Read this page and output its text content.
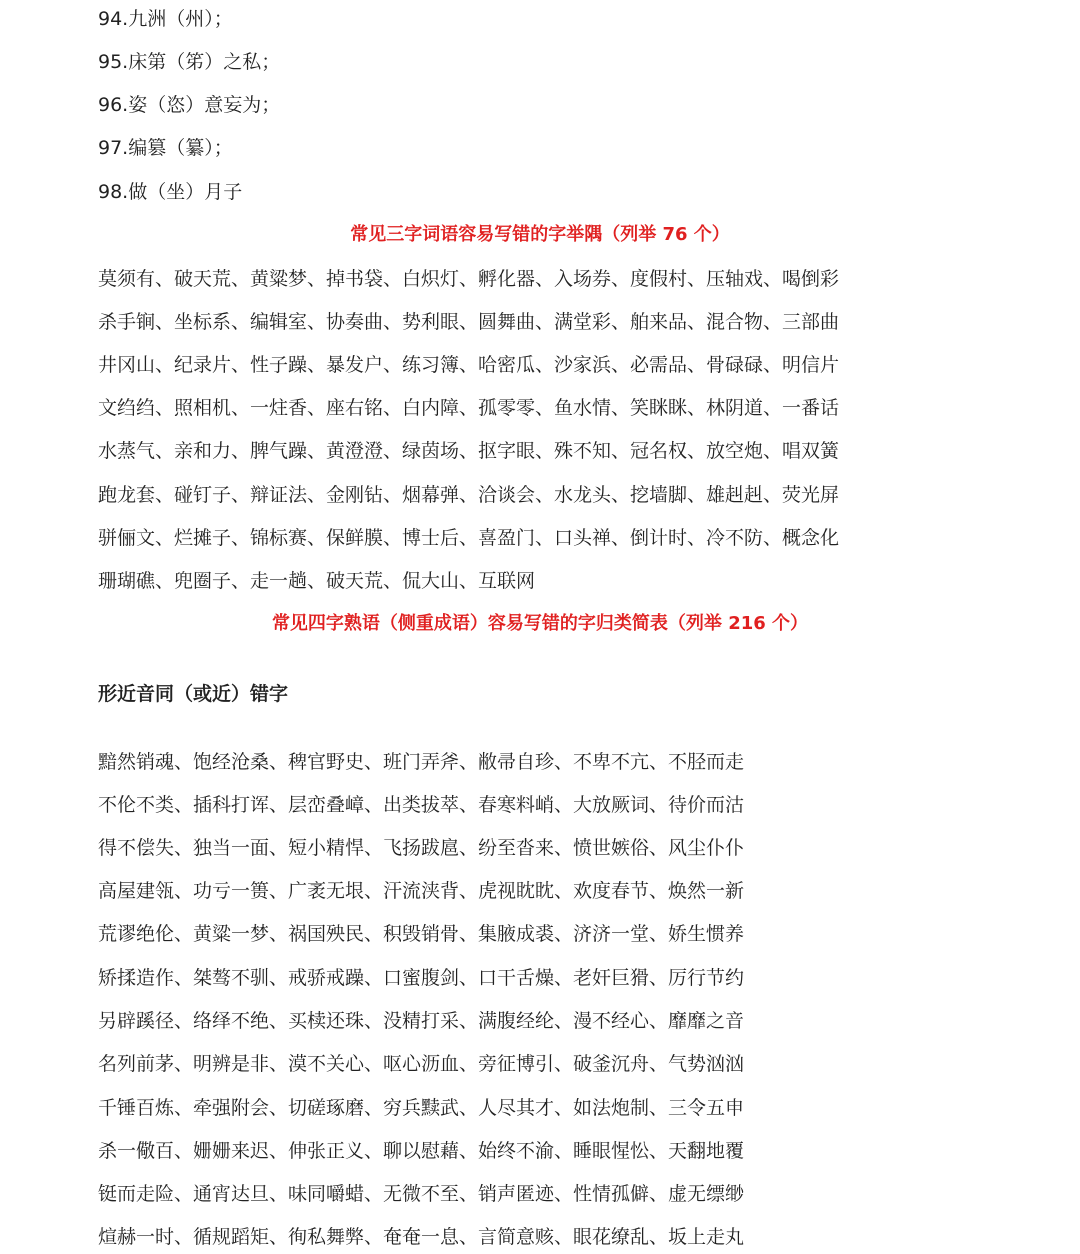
94.九洲（州）；
95.床第（笫）之私；
96.姿（恣）意妄为；
97.编篡（纂）；
98.做（坐）月子
常见三字词语容易写错的字举隅（列举 76 个）
莫须有、破天荒、黄粱梦、掉书袋、白炽灯、孵化器、入场券、度假村、压轴戏、喝倒彩
杀手锏、坐标系、编辑室、协奏曲、势利眼、圆舞曲、满堂彩、舶来品、混合物、三部曲
井冈山、纪录片、性子躁、暴发户、练习簿、哈密瓜、沙家浜、必需品、骨碌碌、明信片
文绉绉、照相机、一炷香、座右铭、白内障、孤零零、鱼水情、笑眯眯、林阴道、一番话
水蒸气、亲和力、脾气躁、黄澄澄、绿茵场、抠字眼、殊不知、冠名权、放空炮、唱双簧
跑龙套、碰钉子、辩证法、金刚钻、烟幕弹、洽谈会、水龙头、挖墙脚、雄赳赳、荧光屏
骈俪文、烂摊子、锦标赛、保鲜膜、博士后、喜盈门、口头禅、倒计时、冷不防、概念化
珊瑚礁、兜圈子、走一趟、破天荒、侃大山、互联网
常见四字熟语（侧重成语）容易写错的字归类简表（列举 216 个）
形近音同（或近）错字
黯然销魂、饱经沧桑、稗官野史、班门弄斧、敝帚自珍、不卑不亢、不胫而走
不伦不类、插科打诨、层峦叠嶂、出类拔萃、春寒料峭、大放厥词、待价而沽
得不偿失、独当一面、短小精悍、飞扬跋扈、纷至沓来、愤世嫉俗、风尘仆仆
高屋建瓴、功亏一篑、广袤无垠、汗流浃背、虎视眈眈、欢度春节、焕然一新
荒谬绝伦、黄粱一梦、祸国殃民、积毁销骨、集腋成裘、济济一堂、娇生惯养
矫揉造作、桀骜不驯、戒骄戒躁、口蜜腹剑、口干舌燥、老奸巨猾、厉行节约
另辟蹊径、络绎不绝、买椟还珠、没精打采、满腹经纶、漫不经心、靡靡之音
名列前茅、明辨是非、漠不关心、呕心沥血、旁征博引、破釜沉舟、气势汹汹
千锤百炼、牵强附会、切磋琢磨、穷兵黩武、人尽其才、如法炮制、三令五申
杀一儆百、姗姗来迟、伸张正义、聊以慰藉、始终不渝、睡眼惺忪、天翻地覆
铤而走险、通宵达旦、味同嚼蜡、无微不至、销声匿迹、性情孤僻、虚无缥缈
煊赫一时、循规蹈矩、徇私舞弊、奄奄一息、言简意赅、眼花缭乱、坂上走丸
